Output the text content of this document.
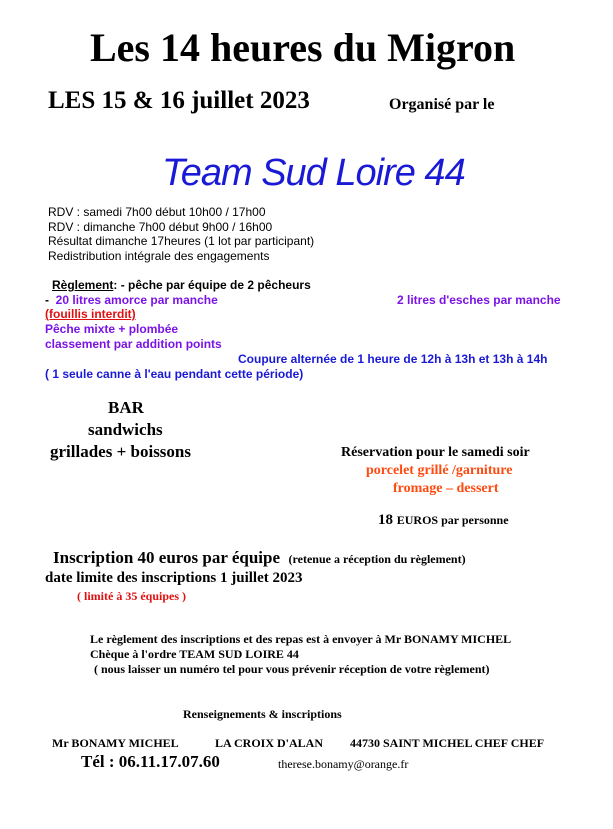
Les 14 heures du Migron
LES 15 & 16 juillet 2023	Organisé par le
Team Sud Loire 44
RDV : samedi 7h00 début 10h00 / 17h00
RDV : dimanche 7h00 début 9h00 / 16h00
Résultat dimanche 17heures (1 lot par participant)
Redistribution intégrale des engagements
Règlement: - pêche par équipe de 2 pêcheurs
- 20 litres amorce par manche	2 litres d'esches par manche
(fouillis interdit)
Pêche mixte + plombée
classement par addition points
Coupure alternée de 1 heure de 12h à 13h et 13h à 14h
( 1 seule canne à l'eau pendant cette période)
BAR
sandwichs
grillades + boissons	Réservation pour le samedi soir
porcelet grillé /garniture
fromage – dessert
18 EUROS par personne
Inscription 40 euros par équipe (retenue a réception du règlement)
date limite des inscriptions 1 juillet 2023
( limité à 35 équipes )
Le règlement des inscriptions et des repas est à envoyer à Mr BONAMY MICHEL
Chèque à l'ordre TEAM SUD LOIRE 44
( nous laisser un numéro tel pour vous prévenir réception de votre règlement)
Renseignements & inscriptions
Mr BONAMY MICHEL	LA CROIX D'ALAN 44730 SAINT MICHEL CHEF CHEF
Tél : 06.11.17.07.60	therese.bonamy@orange.fr
